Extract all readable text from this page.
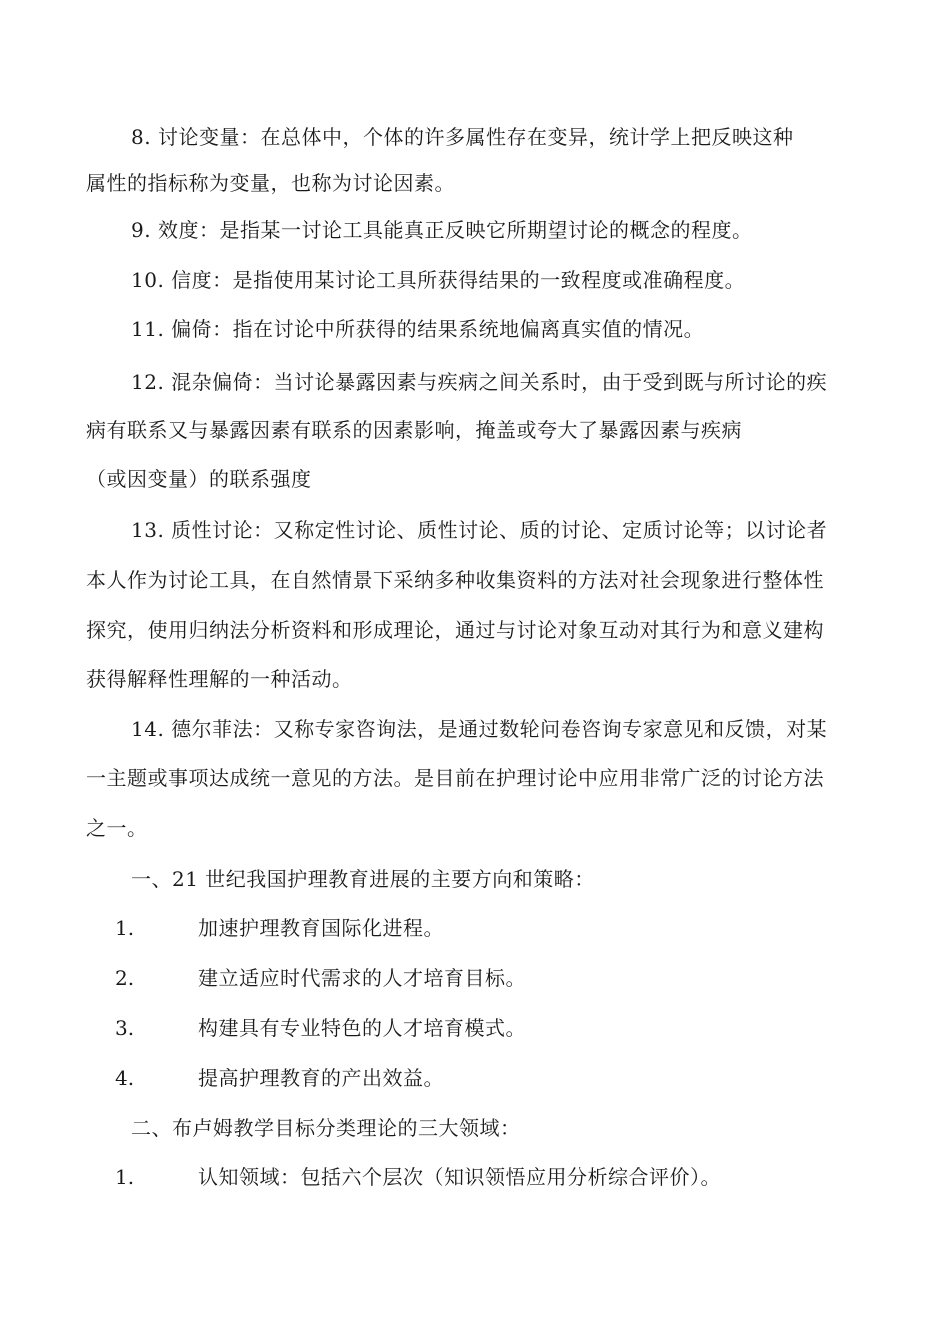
8. 讨论变量：在总体中，个体的许多属性存在变异，统计学上把反映这种
属性的指标称为变量，也称为讨论因素。
9. 效度：是指某一讨论工具能真正反映它所期望讨论的概念的程度。
10. 信度：是指使用某讨论工具所获得结果的一致程度或准确程度。
11. 偏倚：指在讨论中所获得的结果系统地偏离真实值的情况。
12. 混杂偏倚：当讨论暴露因素与疾病之间关系时，由于受到既与所讨论的疾
病有联系又与暴露因素有联系的因素影响，掩盖或夸大了暴露因素与疾病
（或因变量）的联系强度
13. 质性讨论：又称定性讨论、质性讨论、质的讨论、定质讨论等；以讨论者
本人作为讨论工具，在自然情景下采纳多种收集资料的方法对社会现象进行整体性
探究，使用归纳法分析资料和形成理论，通过与讨论对象互动对其行为和意义建构
获得解释性理解的一种活动。
14. 德尔菲法：又称专家咨询法，是通过数轮问卷咨询专家意见和反馈，对某
一主题或事项达成统一意见的方法。是目前在护理讨论中应用非常广泛的讨论方法
之一。
一、21 世纪我国护理教育进展的主要方向和策略：
1.	加速护理教育国际化进程。
2.	建立适应时代需求的人才培育目标。
3.	构建具有专业特色的人才培育模式。
4.	提高护理教育的产出效益。
二、布卢姆教学目标分类理论的三大领域：
1.	认知领域：包括六个层次（知识领悟应用分析综合评价）。
